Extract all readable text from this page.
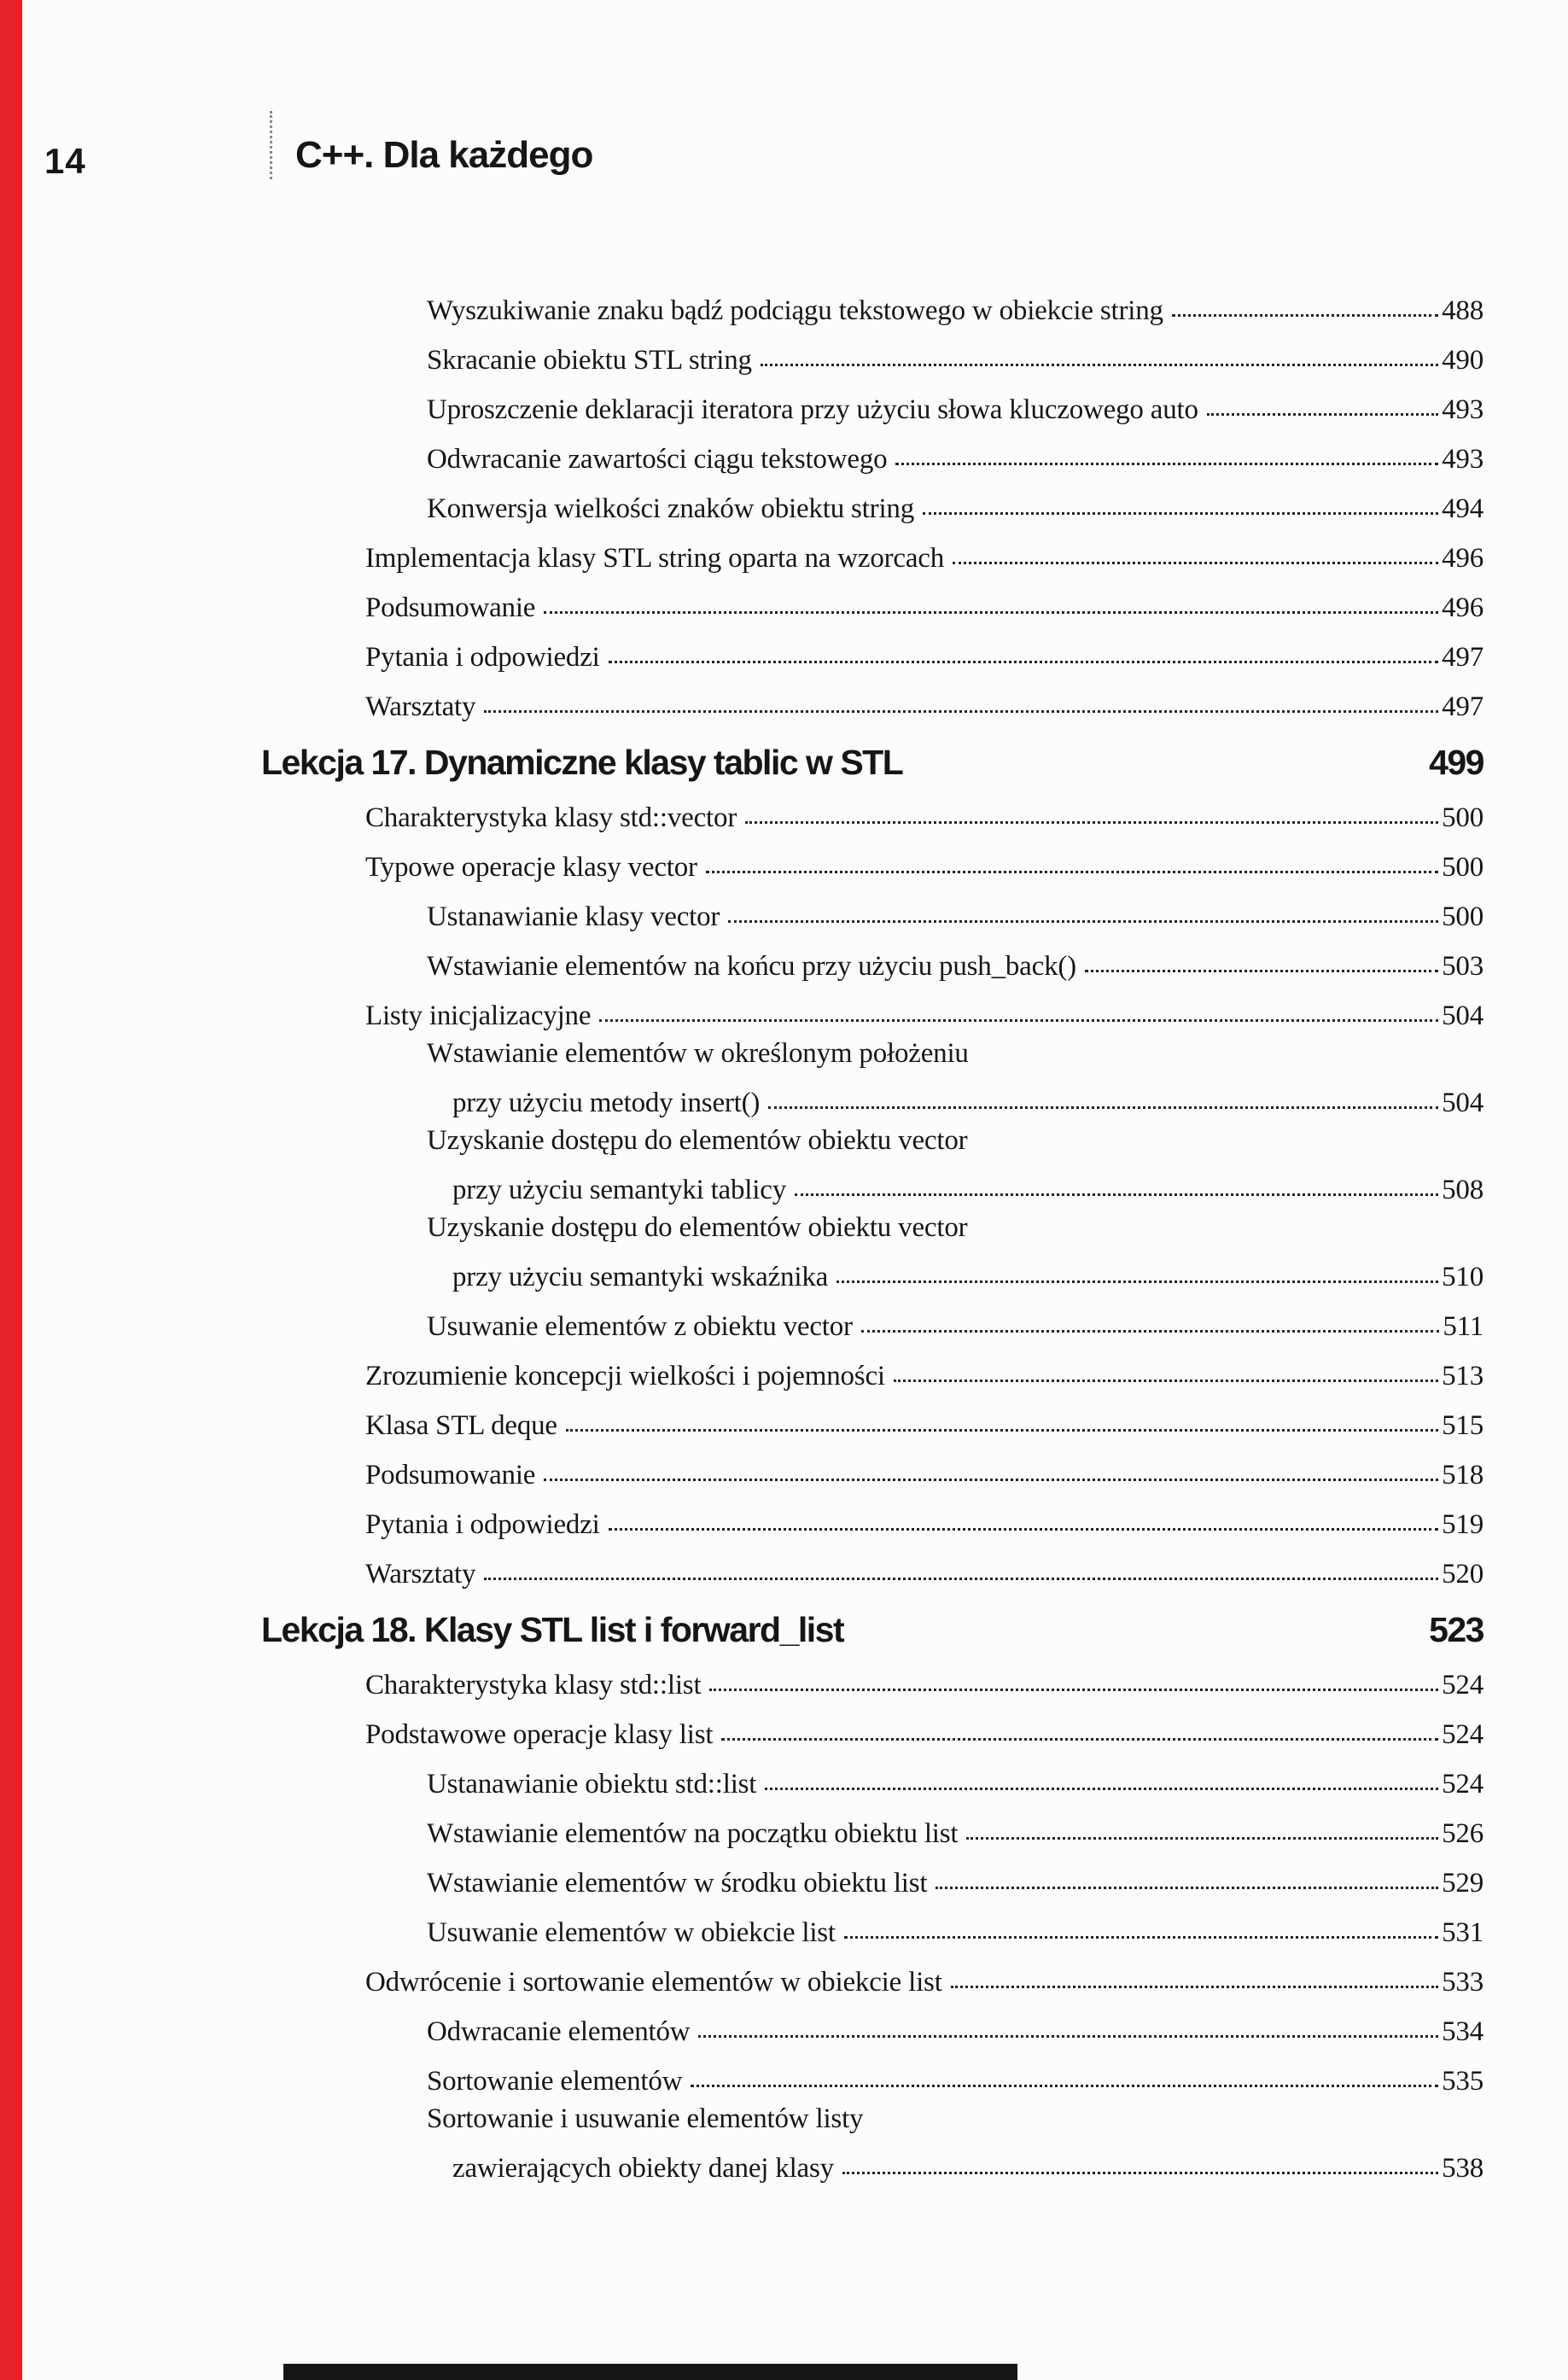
14	C++. Dla każdego
Wyszukiwanie znaku bądź podciągu tekstowego w obiekcie string	488
Skracanie obiektu STL string	490
Uproszczenie deklaracji iteratora przy użyciu słowa kluczowego auto	493
Odwracanie zawartości ciągu tekstowego	493
Konwersja wielkości znaków obiektu string	494
Implementacja klasy STL string oparta na wzorcach	496
Podsumowanie	496
Pytania i odpowiedzi	497
Warsztaty	497
Lekcja 17. Dynamiczne klasy tablic w STL	499
Charakterystyka klasy std::vector	500
Typowe operacje klasy vector	500
Ustanawianie klasy vector	500
Wstawianie elementów na końcu przy użyciu push_back()	503
Listy inicjalizacyjne	504
Wstawianie elementów w określonym położeniu
przy użyciu metody insert()	504
Uzyskanie dostępu do elementów obiektu vector
przy użyciu semantyki tablicy	508
Uzyskanie dostępu do elementów obiektu vector
przy użyciu semantyki wskaźnika	510
Usuwanie elementów z obiektu vector	511
Zrozumienie koncepcji wielkości i pojemności	513
Klasa STL deque	515
Podsumowanie	518
Pytania i odpowiedzi	519
Warsztaty	520
Lekcja 18. Klasy STL list i forward_list	523
Charakterystyka klasy std::list	524
Podstawowe operacje klasy list	524
Ustanawianie obiektu std::list	524
Wstawianie elementów na początku obiektu list	526
Wstawianie elementów w środku obiektu list	529
Usuwanie elementów w obiekcie list	531
Odwrócenie i sortowanie elementów w obiekcie list	533
Odwracanie elementów	534
Sortowanie elementów	535
Sortowanie i usuwanie elementów listy
zawierających obiekty danej klasy	538
